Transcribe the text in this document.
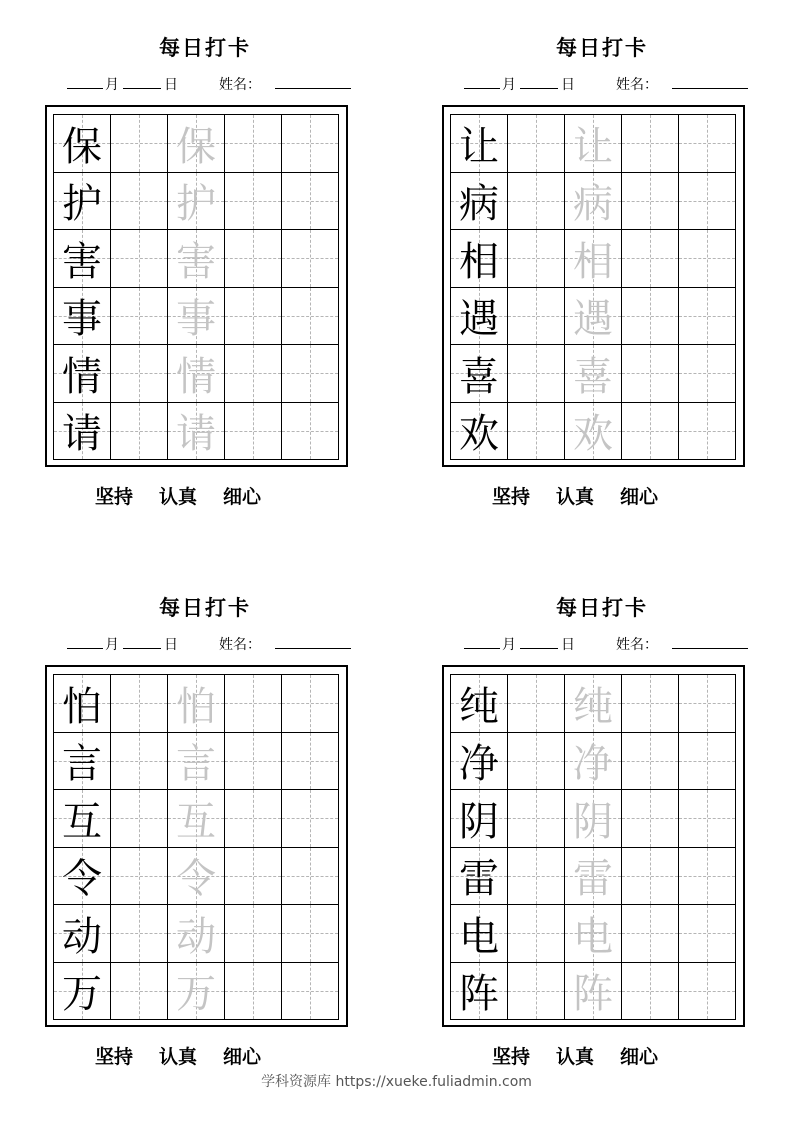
每日打卡
月	日	姓名：
保 保
护 护
害 害
事 事
情 情
请 请
坚持 认真 细心
每日打卡
月	日	姓名：
让 让
病 病
相 相
遇 遇
喜 喜
欢 欢
坚持 认真 细心
每日打卡
月	日	姓名：
怕 怕
言 言
互 互
令 令
动 动
万 万
坚持 认真 细心
每日打卡
月	日	姓名：
纯 纯
净 净
阴 阴
雷 雷
电 电
阵 阵
坚持 认真 细心
学科资源库 https://xueke.fuliadmin.com
